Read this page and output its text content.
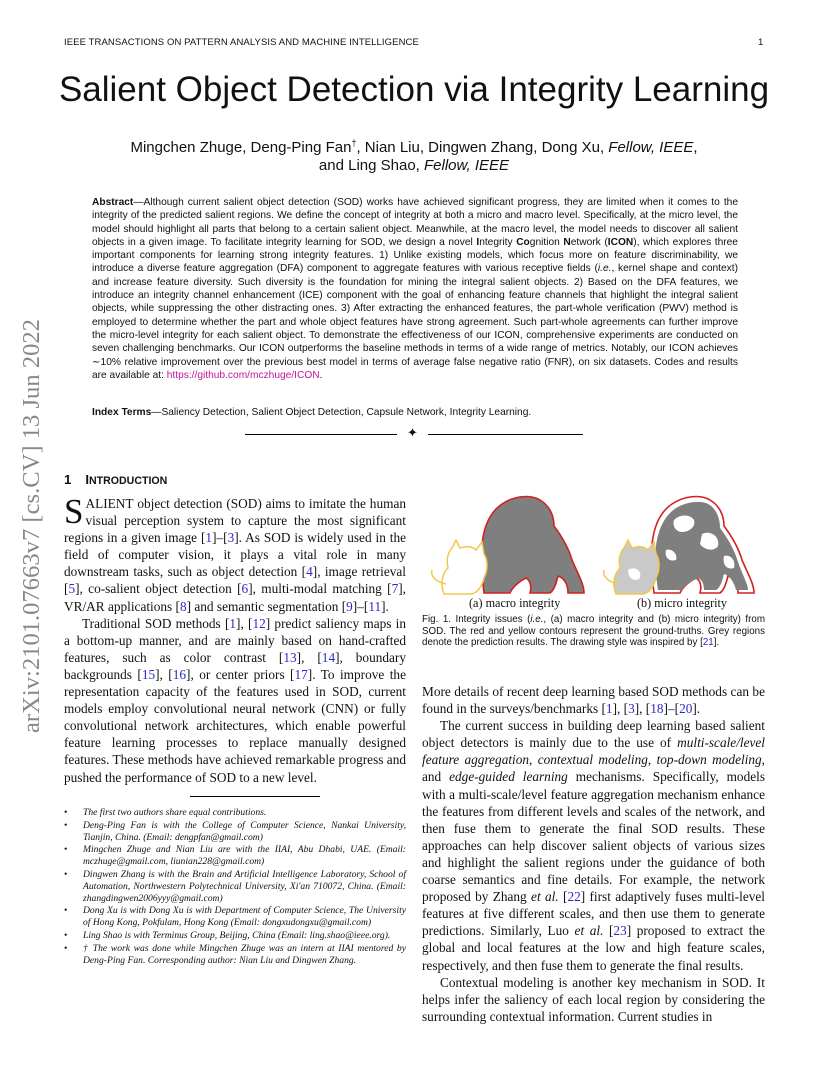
IEEE TRANSACTIONS ON PATTERN ANALYSIS AND MACHINE INTELLIGENCE	1
arXiv:2101.07663v7 [cs.CV] 13 Jun 2022
Salient Object Detection via Integrity Learning
Mingchen Zhuge, Deng-Ping Fan†, Nian Liu, Dingwen Zhang, Dong Xu, Fellow, IEEE,
and Ling Shao, Fellow, IEEE
Abstract—Although current salient object detection (SOD) works have achieved significant progress, they are limited when it comes to the integrity of the predicted salient regions. We define the concept of integrity at both a micro and macro level. Specifically, at the micro level, the model should highlight all parts that belong to a certain salient object. Meanwhile, at the macro level, the model needs to discover all salient objects in a given image. To facilitate integrity learning for SOD, we design a novel Integrity Cognition Network (ICON), which explores three important components for learning strong integrity features. 1) Unlike existing models, which focus more on feature discriminability, we introduce a diverse feature aggregation (DFA) component to aggregate features with various receptive fields (i.e., kernel shape and context) and increase feature diversity. Such diversity is the foundation for mining the integral salient objects. 2) Based on the DFA features, we introduce an integrity channel enhancement (ICE) component with the goal of enhancing feature channels that highlight the integral salient objects, while suppressing the other distracting ones. 3) After extracting the enhanced features, the part-whole verification (PWV) method is employed to determine whether the part and whole object features have strong agreement. Such part-whole agreements can further improve the micro-level integrity for each salient object. To demonstrate the effectiveness of our ICON, comprehensive experiments are conducted on seven challenging benchmarks. Our ICON outperforms the baseline methods in terms of a wide range of metrics. Notably, our ICON achieves ∼10% relative improvement over the previous best model in terms of average false negative ratio (FNR), on six datasets. Codes and results are available at: https://github.com/mczhuge/ICON.
Index Terms—Saliency Detection, Salient Object Detection, Capsule Network, Integrity Learning.
✦
1 INTRODUCTION

SALIENT object detection (SOD) aims to imitate the human visual perception system to capture the most significant regions in a given image [1]–[3]. As SOD is widely used in the field of computer vision, it plays a vital role in many downstream tasks, such as object detection [4], image retrieval [5], co-salient object detection [6], multi-modal matching [7], VR/AR applications [8] and semantic segmentation [9]–[11].

Traditional SOD methods [1], [12] predict saliency maps in a bottom-up manner, and are mainly based on hand-crafted features, such as color contrast [13], [14], boundary backgrounds [15], [16], or center priors [17]. To improve the representation capacity of the features used in SOD, current models employ convolutional neural network (CNN) or fully convolutional network architectures, which enable powerful feature learning processes to replace manually designed features. These methods have achieved remarkable progress and pushed the performance of SOD to a new level.

• The first two authors share equal contributions.
• Deng-Ping Fan is with the College of Computer Science, Nankai University, Tianjin, China. (Email: dengpfan@gmail.com)
• Mingchen Zhuge and Nian Liu are with the IIAI, Abu Dhabi, UAE. (Email: mczhuge@gmail.com, liunian228@gmail.com)
• Dingwen Zhang is with the Brain and Artificial Intelligence Laboratory, School of Automation, Northwestern Polytechnical University, Xi'an 710072, China. (Email: zhangdingwen2006yyy@gmail.com)
• Dong Xu is with Dong Xu is with Department of Computer Science, The University of Hong Kong, Pokfulam, Hong Kong (Email: dongxudongxu@gmail.com)
• Ling Shao is with Terminus Group, Beijing, China (Email: ling.shao@ieee.org).
• † The work was done while Mingchen Zhuge was an intern at IIAI mentored by Deng-Ping Fan. Corresponding author: Nian Liu and Dingwen Zhang.
(a) macro integrity	(b) micro integrity
Fig. 1. Integrity issues (i.e., (a) macro integrity and (b) micro integrity) from SOD. The red and yellow contours represent the ground-truths. Grey regions denote the prediction results. The drawing style was inspired by [21].

More details of recent deep learning based SOD methods can be found in the surveys/benchmarks [1], [3], [18]–[20].

The current success in building deep learning based salient object detectors is mainly due to the use of multi-scale/level feature aggregation, contextual modeling, top-down modeling, and edge-guided learning mechanisms. Specifically, models with a multi-scale/level feature aggregation mechanism enhance the features from different levels and scales of the network, and then fuse them to generate the final SOD results. These approaches can help discover salient objects of various sizes and highlight the salient regions under the guidance of both coarse semantics and fine details. For example, the network proposed by Zhang et al. [22] first adaptively fuses multi-level features at five different scales, and then use them to generate predictions. Similarly, Luo et al. [23] proposed to extract the global and local features at the low and high feature scales, respectively, and then fuse them to generate the final results.

Contextual modeling is another key mechanism in SOD. It helps infer the saliency of each local region by considering the surrounding contextual information. Current studies in
